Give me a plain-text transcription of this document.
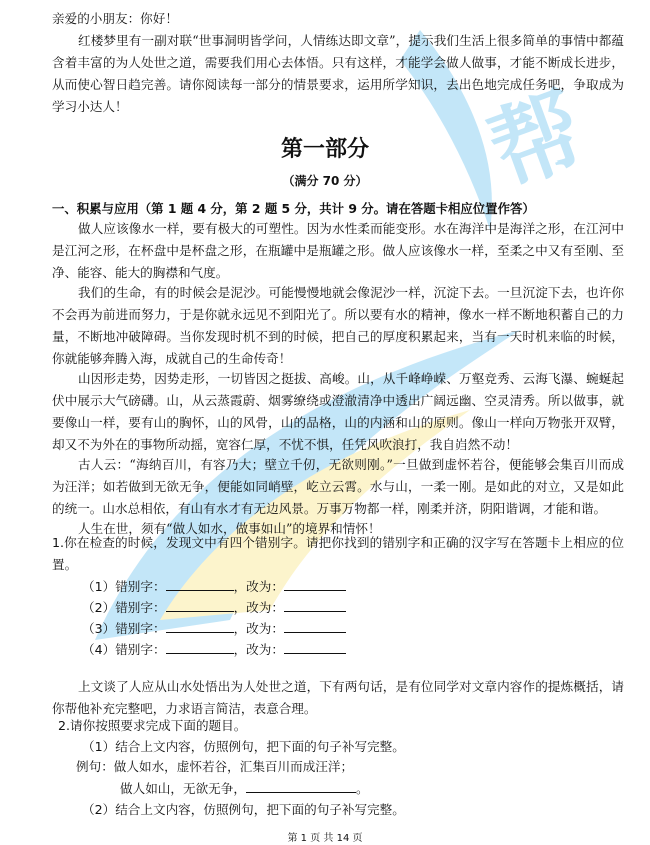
帮

亲爱的小朋友：你好！

红楼梦里有一副对联“世事洞明皆学问，人情练达即文章”，提示我们生活上很多简单的事情中都蕴含着丰富的为人处世之道，需要我们用心去体悟。只有这样，才能学会做人做事，才能不断成长进步，从而使心智日趋完善。请你阅读每一部分的情景要求，运用所学知识，去出色地完成任务吧，争取成为学习小达人！

第一部分
（满分 70 分）
一、积累与应用（第 1 题 4 分，第 2 题 5 分，共计 9 分。请在答题卡相应位置作答）

做人应该像水一样，要有极大的可塑性。因为水性柔而能变形。水在海洋中是海洋之形，在江河中是江河之形，在杯盘中是杯盘之形，在瓶罐中是瓶罐之形。做人应该像水一样，至柔之中又有至刚、至净、能容、能大的胸襟和气度。

我们的生命，有的时候会是泥沙。可能慢慢地就会像泥沙一样，沉淀下去。一旦沉淀下去，也许你不会再为前进而努力，于是你就永远见不到阳光了。所以要有水的精神，像水一样不断地积蓄自己的力量，不断地冲破障碍。当你发现时机不到的时候，把自己的厚度积累起来，当有一天时机来临的时候，你就能够奔腾入海，成就自己的生命传奇！

山因形走势，因势走形，一切皆因之挺拔、高峻。山，从千峰峥嵘、万壑竞秀、云海飞瀑、蜿蜒起伏中展示大气磅礴。山，从云蒸霞蔚、烟雾缭绕或澄澈清净中透出广阔远幽、空灵清秀。所以做事，就要像山一样，要有山的胸怀，山的风骨，山的品格，山的内涵和山的原则。像山一样向万物张开双臂，却又不为外在的事物所动摇，宽容仁厚，不忧不惧，任凭风吹浪打，我自岿然不动！

古人云：“海纳百川，有容乃大；壁立千仞，无欲则刚。”一旦做到虚怀若谷，便能够会集百川而成为汪洋；如若做到无欲无争，便能如同峭壁，屹立云霄。水与山，一柔一刚。是如此的对立，又是如此的统一。山水总相依，有山有水才有无边风景。万事万物都一样，刚柔并济，阴阳谐调，才能和谐。

人生在世，须有“做人如水，做事如山”的境界和情怀！

1.你在检查的时候，发现文中有四个错别字。请把你找到的错别字和正确的汉字写在答题卡上相应的位置。

（1）错别字：	，改为：
（2）错别字：	，改为：
（3）错别字：	，改为：
（4）错别字：	，改为：

上文谈了人应从山水处悟出为人处世之道，下有两句话，是有位同学对文章内容作的提炼概括，请你帮他补充完整吧，力求语言简洁，表意合理。

2.请你按照要求完成下面的题目。

（1）结合上文内容，仿照例句，把下面的句子补写完整。

例句：做人如水，虚怀若谷，汇集百川而成汪洋；
做人如山，无欲无争，	。

（2）结合上文内容，仿照例句，把下面的句子补写完整。

第 1 页 共 14 页
